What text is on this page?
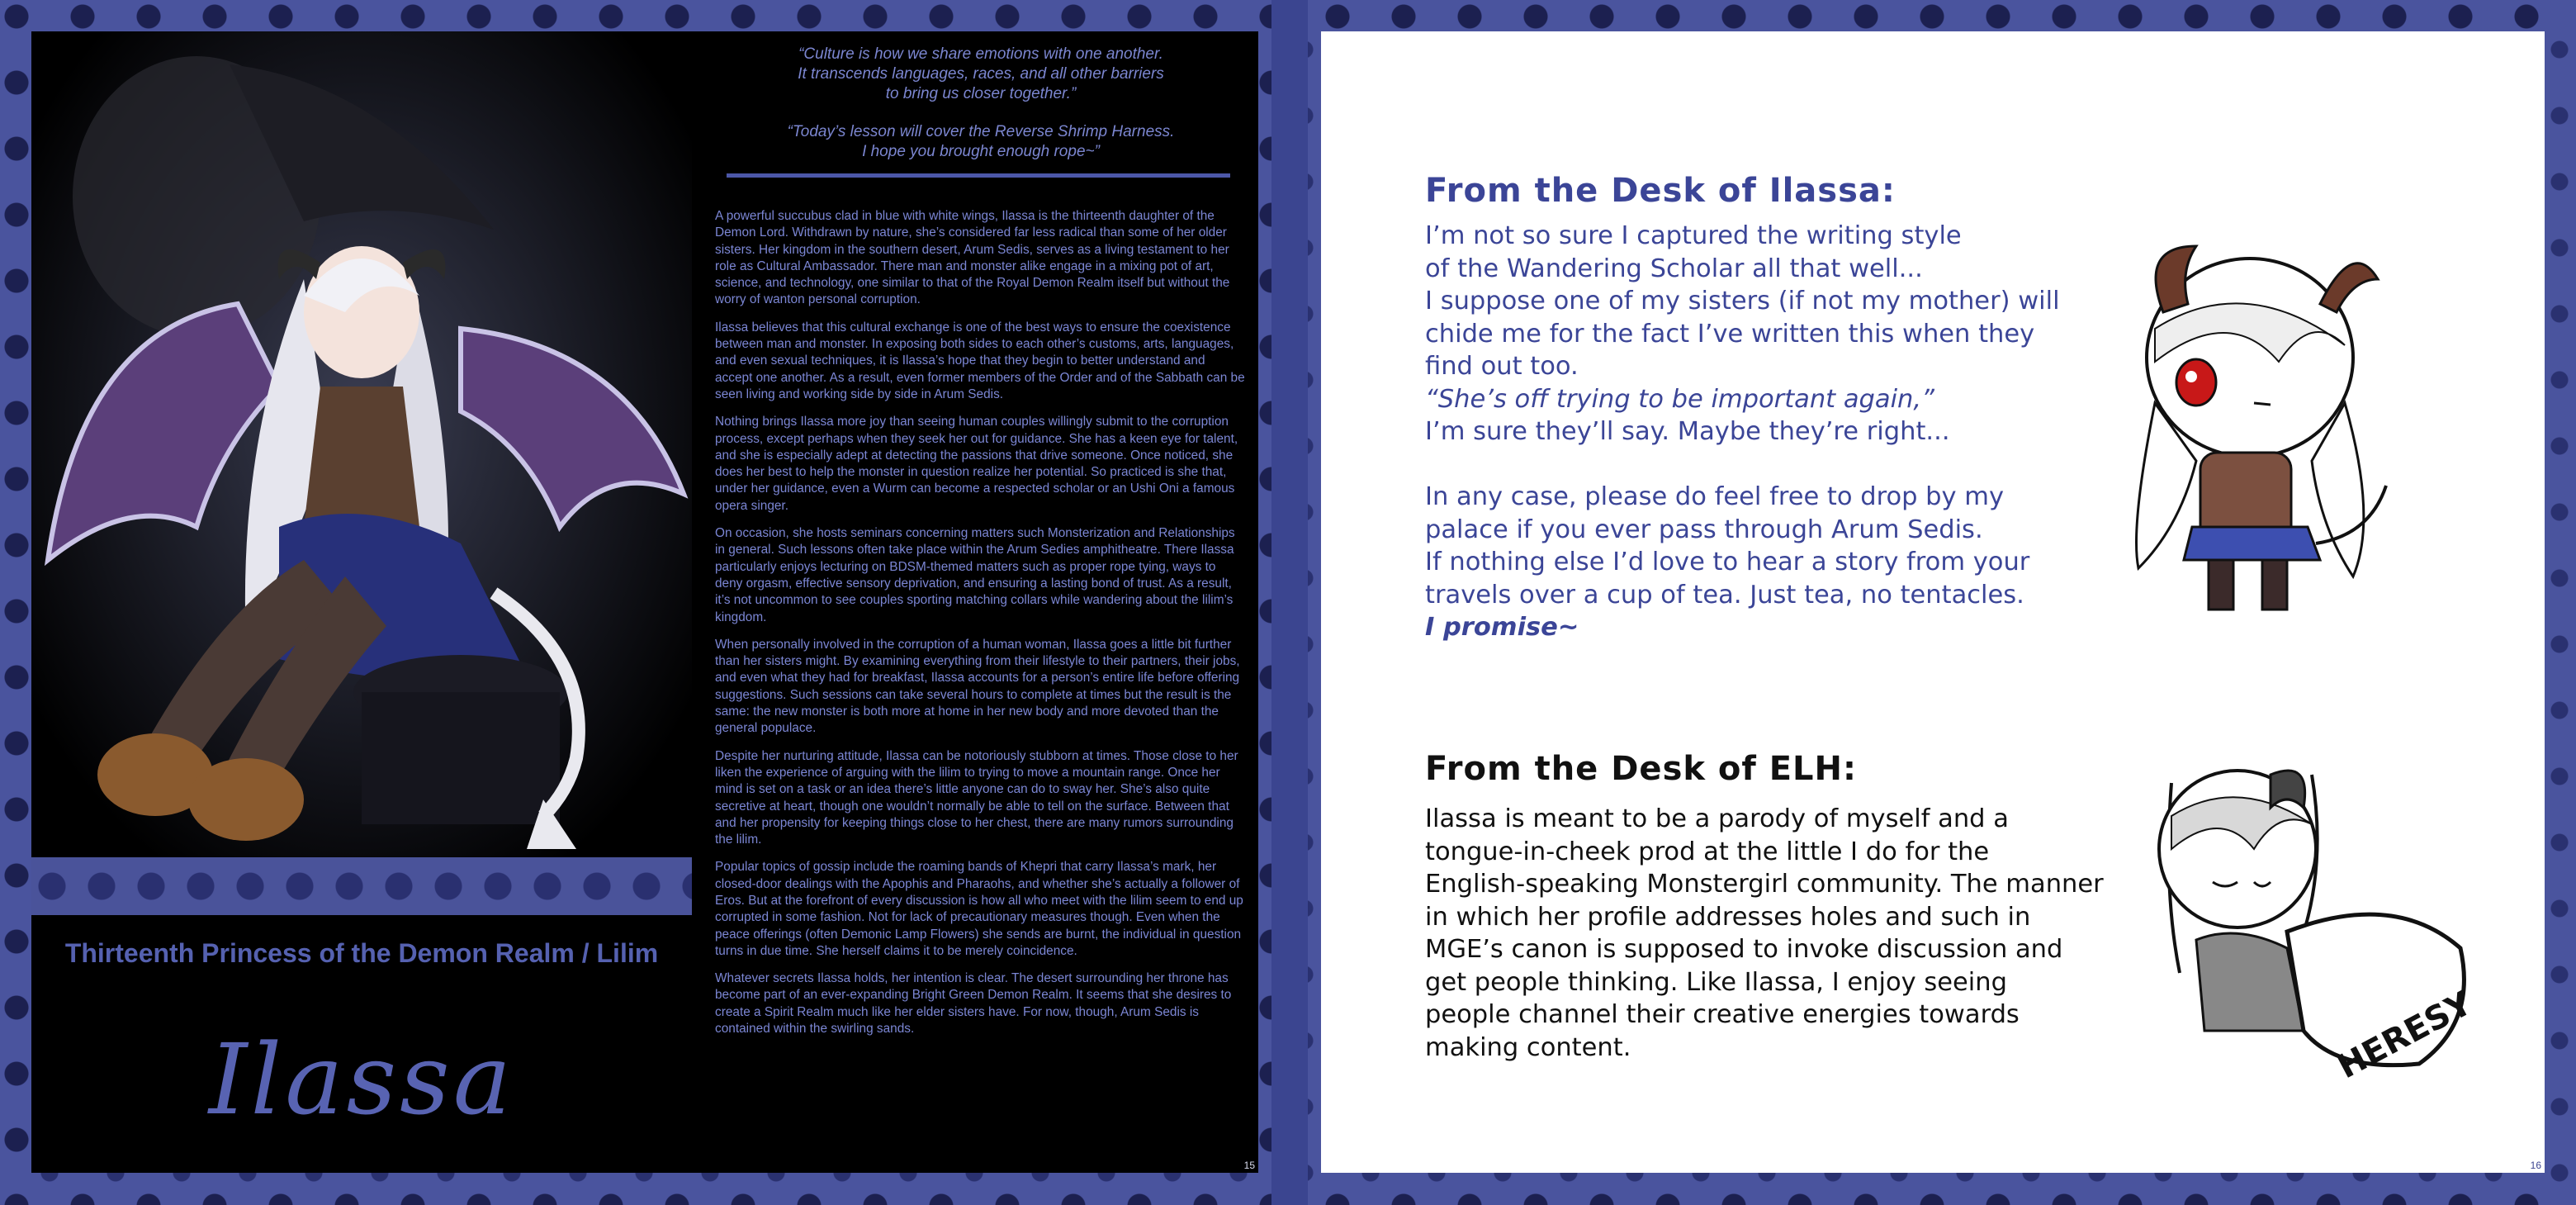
Thirteenth Princess of the Demon Realm / Lilim
Ilassa

“Culture is how we share emotions with one another.
It transcends languages, races, and all other barriers
to bring us closer together.”

“Today’s lesson will cover the Reverse Shrimp Harness.
I hope you brought enough rope~”

A powerful succubus clad in blue with white wings, Ilassa is the thirteenth daughter of the Demon Lord. Withdrawn by nature, she’s considered far less radical than some of her older sisters. Her kingdom in the southern desert, Arum Sedis, serves as a living testament to her role as Cultural Ambassador. There man and monster alike engage in a mixing pot of art, science, and technology, one similar to that of the Royal Demon Realm itself but without the worry of wanton personal corruption.

Ilassa believes that this cultural exchange is one of the best ways to ensure the coexistence between man and monster. In exposing both sides to each other’s customs, arts, languages, and even sexual techniques, it is Ilassa’s hope that they begin to better understand and accept one another. As a result, even former members of the Order and of the Sabbath can be seen living and working side by side in Arum Sedis.

Nothing brings Ilassa more joy than seeing human couples willingly submit to the corruption process, except perhaps when they seek her out for guidance. She has a keen eye for talent, and she is especially adept at detecting the passions that drive someone. Once noticed, she does her best to help the monster in question realize her potential. So practiced is she that, under her guidance, even a Wurm can become a respected scholar or an Ushi Oni a famous opera singer.

On occasion, she hosts seminars concerning matters such Monsterization and Relationships in general. Such lessons often take place within the Arum Sedies amphitheatre. There Ilassa particularly enjoys lecturing on BDSM-themed matters such as proper rope tying, ways to deny orgasm, effective sensory deprivation, and ensuring a lasting bond of trust. As a result, it’s not uncommon to see couples sporting matching collars while wandering about the lilim’s kingdom.

When personally involved in the corruption of a human woman, Ilassa goes a little bit further than her sisters might. By examining everything from their lifestyle to their partners, their jobs, and even what they had for breakfast, Ilassa accounts for a person’s entire life before offering suggestions. Such sessions can take several hours to complete at times but the result is the same: the new monster is both more at home in her new body and more devoted than the general populace.

Despite her nurturing attitude, Ilassa can be notoriously stubborn at times. Those close to her liken the experience of arguing with the lilim to trying to move a mountain range. Once her mind is set on a task or an idea there’s little anyone can do to sway her. She’s also quite secretive at heart, though one wouldn’t normally be able to tell on the surface. Between that and her propensity for keeping things close to her chest, there are many rumors surrounding the lilim.

Popular topics of gossip include the roaming bands of Khepri that carry Ilassa’s mark, her closed-door dealings with the Apophis and Pharaohs, and whether she’s actually a follower of Eros. But at the forefront of every discussion is how all who meet with the lilim seem to end up corrupted in some fashion. Not for lack of precautionary measures though. Even when the peace offerings (often Demonic Lamp Flowers) she sends are burnt, the individual in question turns in due time. She herself claims it to be merely coincidence.

Whatever secrets Ilassa holds, her intention is clear. The desert surrounding her throne has become part of an ever-expanding Bright Green Demon Realm. It seems that she desires to create a Spirit Realm much like her elder sisters have. For now, though, Arum Sedis is contained within the swirling sands.

15
From the Desk of Ilassa:
I’m not so sure I captured the writing style
of the Wandering Scholar all that well...
I suppose one of my sisters (if not my mother) will
chide me for the fact I’ve written this when they
find out too.
“She’s off trying to be important again,”
I’m sure they’ll say. Maybe they’re right...
In any case, please do feel free to drop by my
palace if you ever pass through Arum Sedis.
If nothing else I’d love to hear a story from your
travels over a cup of tea. Just tea, no tentacles.
I promise~
From the Desk of ELH:
Ilassa is meant to be a parody of myself and a
tongue-in-cheek prod at the little I do for the
English-speaking Monstergirl community. The manner
in which her profile addresses holes and such in
MGE’s canon is supposed to invoke discussion and
get people thinking. Like Ilassa, I enjoy seeing
people channel their creative energies towards
making content.	HERESY
16
